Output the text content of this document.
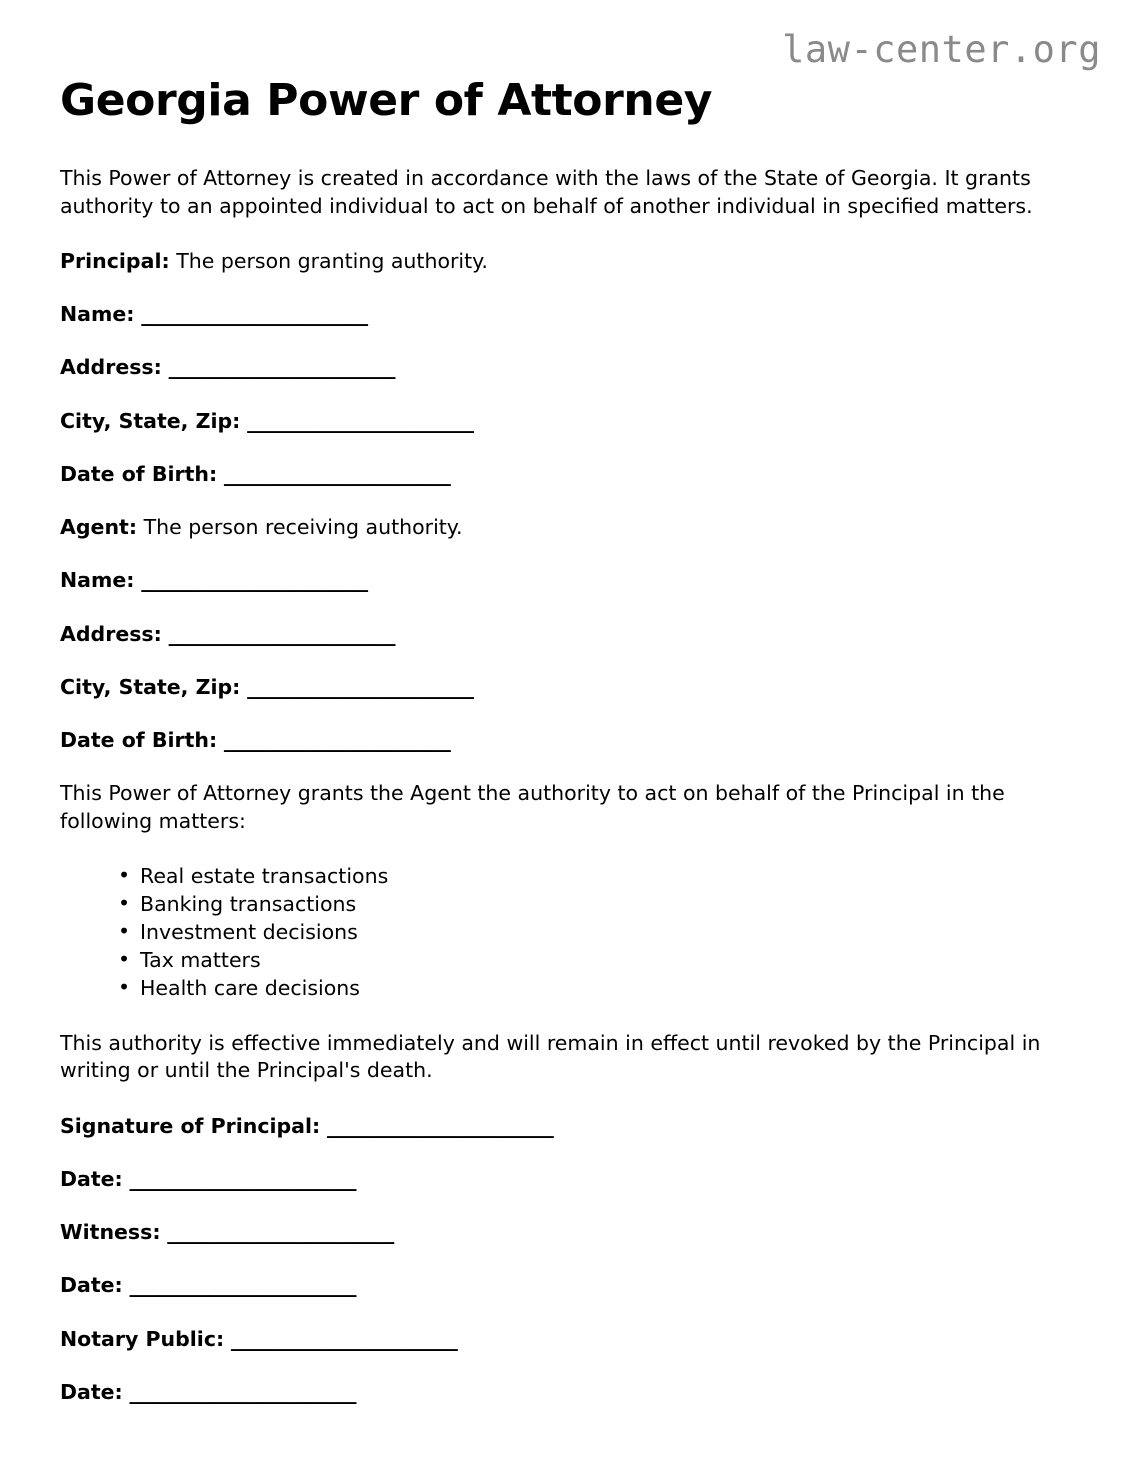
law-center.org
Georgia Power of Attorney

This Power of Attorney is created in accordance with the laws of the State of Georgia. It grants authority to an appointed individual to act on behalf of another individual in specified matters.

Principal: The person granting authority.

Name: _______________________
Address: _______________________
City, State, Zip: _______________________
Date of Birth: _______________________

Agent: The person receiving authority.

Name: _______________________
Address: _______________________
City, State, Zip: _______________________
Date of Birth: _______________________

This Power of Attorney grants the Agent the authority to act on behalf of the Principal in the following matters:

• Real estate transactions
• Banking transactions
• Investment decisions
• Tax matters
• Health care decisions

This authority is effective immediately and will remain in effect until revoked by the Principal in writing or until the Principal's death.

Signature of Principal: _______________________
Date: _______________________
Witness: _______________________
Date: _______________________
Notary Public: _______________________
Date: _______________________
